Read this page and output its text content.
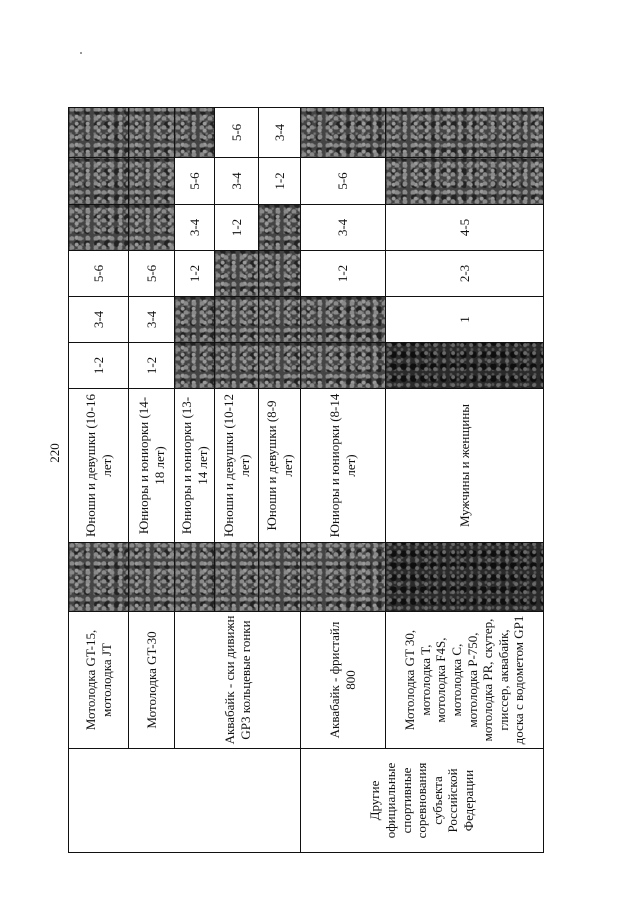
220
	Мотолодка GT-15, мотолодка JT		Юноши и девушки (10-16 лет)	1-2	3-4	5-6			
	Мотолодка GT-30		Юниоры и юниорки (14-18 лет)	1-2	3-4	5-6			
	Аквабайк - ски дивижн GP3 кольцевые гонки		Юниоры и юниорки (13-14 лет)			1-2	3-4	5-6	
			Юноши и девушки (10-12 лет)				1-2	3-4	5-6
			Юноши и девушки (8-9 лет)					1-2	3-4
Другие официальные спортивные соревнования субъекта Российской Федерации	Аквабайк - фристайл 800		Юниоры и юниорки (8-14 лет)			1-2	3-4	5-6	
	Мотолодка GT 30, мотолодка T, мотолодка F4S, мотолодка С, мотолодка Р-750, мотолодка PR, скутер, глиссер, аквабайк, доска с водометом GP1		Мужчины и женщины		1	2-3	4-5		
